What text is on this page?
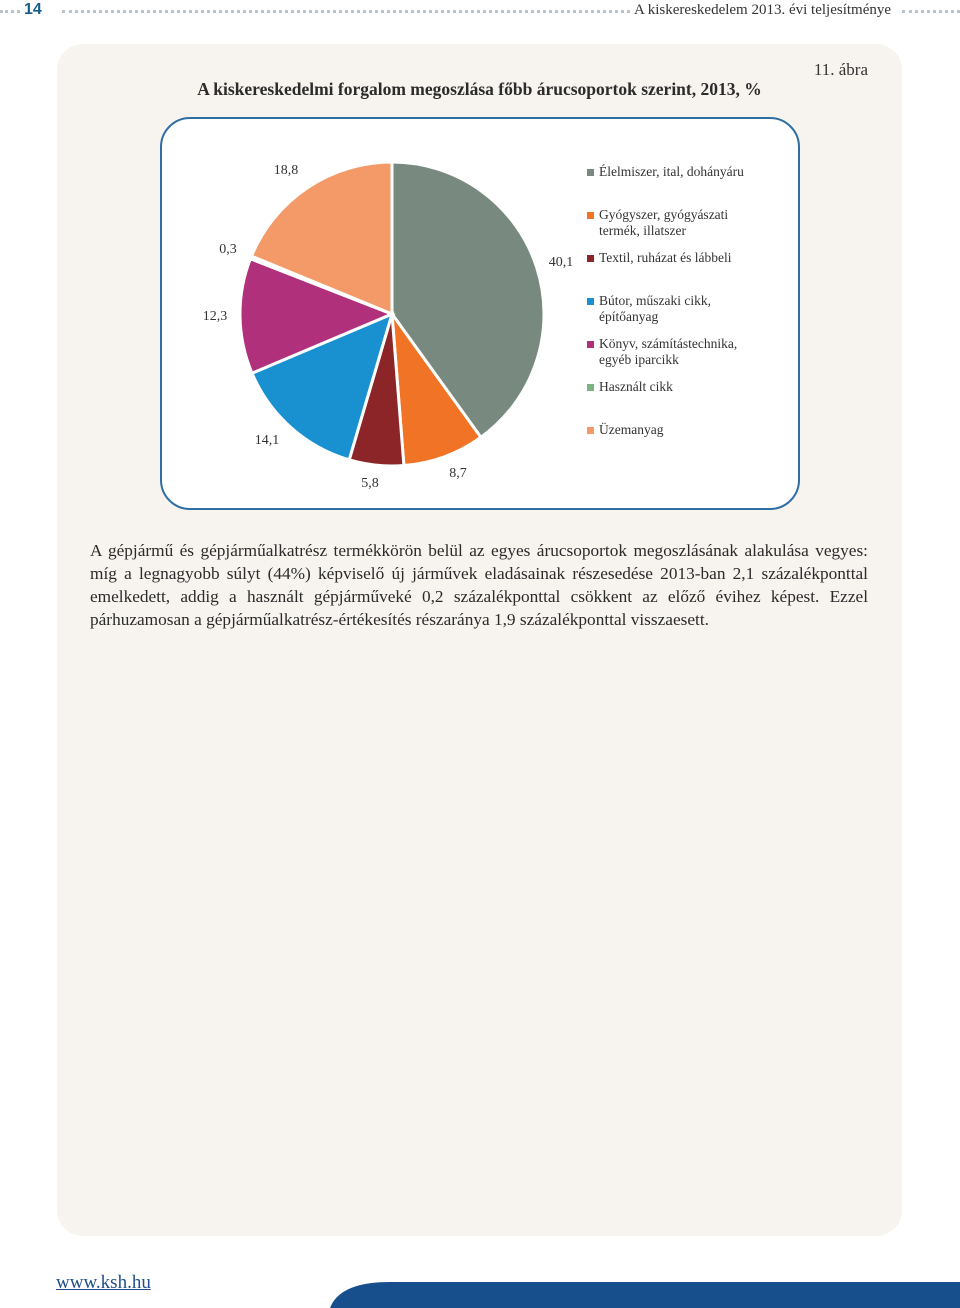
14	A kiskereskedelem 2013. évi teljesítménye
11. ábra
A kiskereskedelmi forgalom megoszlása főbb árucsoportok szerint, 2013, %
40,1
8,7
5,8
14,1
12,3
0,3
18,8	Élelmiszer, ital, dohányáru
Gyógyszer, gyógyászati
termék, illatszer
Textil, ruházat és lábbeli
Bútor, műszaki cikk,
építőanyag
Könyv, számítástechnika,
egyéb iparcikk
Használt cikk
Üzemanyag

A gépjármű és gépjárműalkatrész termékkörön belül az egyes árucsoportok megoszlásának alakulása vegyes: míg a legnagyobb súlyt (44%) képviselő új járművek eladásainak részesedése 2013-ban 2,1 százalékponttal emelkedett, addig a használt gépjárműveké 0,2 százalékponttal csökkent az előző évihez képest. Ezzel párhuzamosan a gépjárműalkatrész-értékesítés részaránya 1,9 százalékponttal visszaesett.

www.ksh.hu
